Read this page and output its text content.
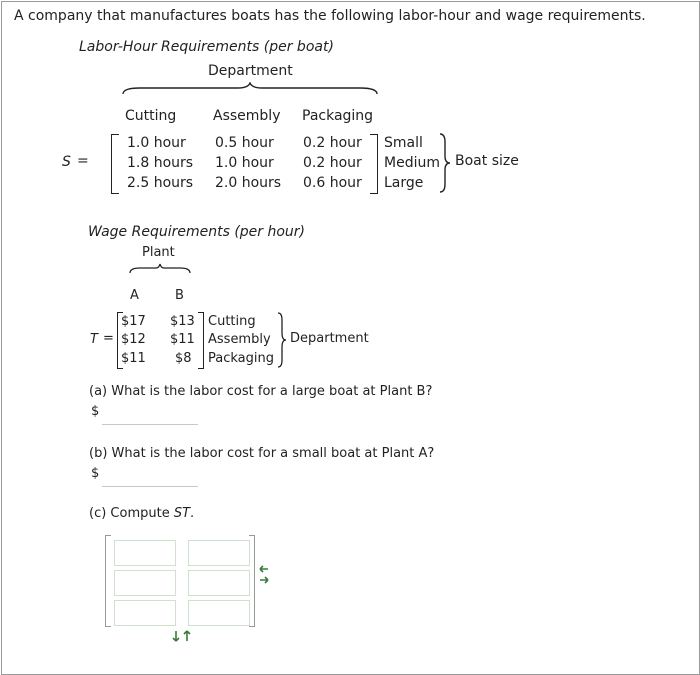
A company that manufactures boats has the following labor-hour and wage requirements.
Labor-Hour Requirements (per boat)
Department
Cutting	Assembly Packaging
S =
1.0 hour 0.5 hour 0.2 hour
1.8 hours 1.0 hour 0.2 hour
2.5 hours 2.0 hours 0.6 hour
Small
Medium
Large
Boat size
Wage Requirements (per hour)
Plant
A	B
T =
$17 $13
$12 $11
$11 $8
Cutting
Assembly
Packaging
Department
(a) What is the labor cost for a large boat at Plant B?
$
(b) What is the labor cost for a small boat at Plant A?
$
(c) Compute ST.
